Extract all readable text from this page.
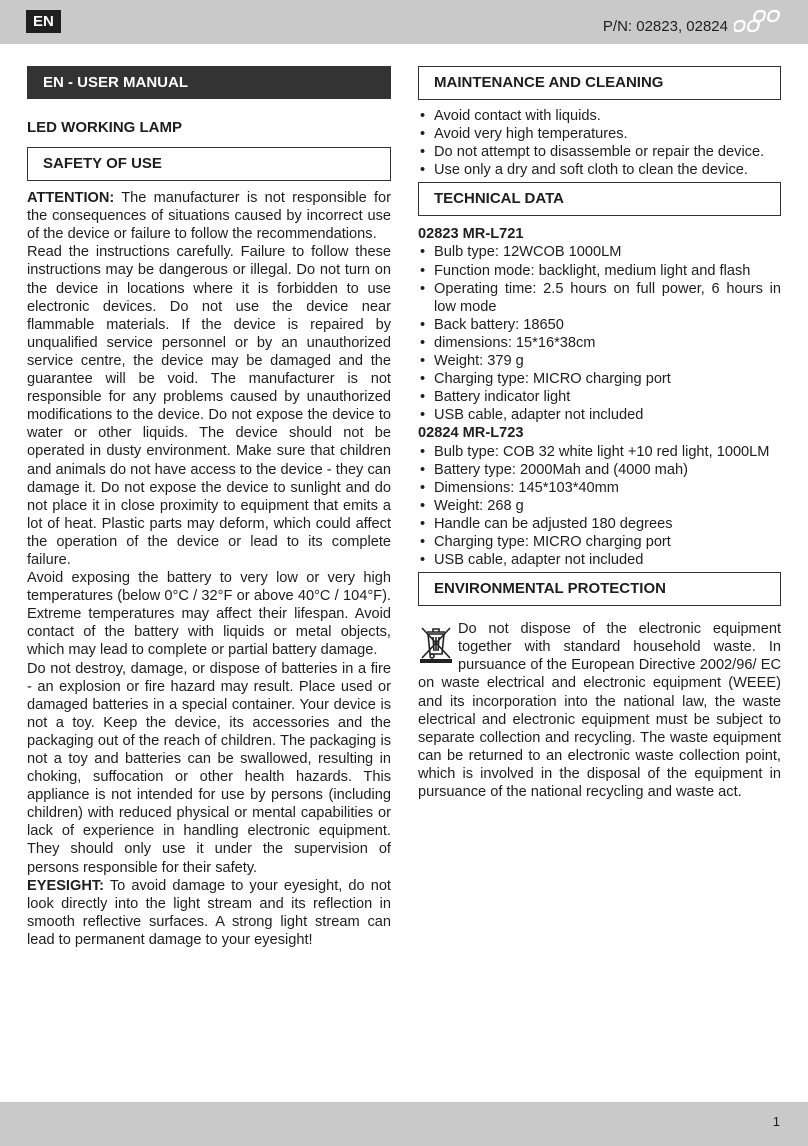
EN	P/N: 02823, 02824
EN - USER MANUAL
LED WORKING LAMP
SAFETY OF USE

ATTENTION: The manufacturer is not responsible for the consequences of situations caused by incorrect use of the device or failure to follow the recommendations.

Read the instructions carefully. Failure to follow these instructions may be dangerous or illegal. Do not turn on the device in locations where it is forbidden to use electronic devices. Do not use the device near flammable materials. If the device is repaired by unqualified service personnel or by an unauthorized service centre, the device may be damaged and the guarantee will be void. The manufacturer is not responsible for any problems caused by unauthorized modifications to the device. Do not expose the device to water or other liquids. The device should not be operated in dusty environment. Make sure that children and animals do not have access to the device - they can damage it. Do not expose the device to sunlight and do not place it in close proximity to equipment that emits a lot of heat. Plastic parts may deform, which could affect the operation of the device or lead to its complete failure.

Avoid exposing the battery to very low or very high temperatures (below 0°C / 32°F or above 40°C / 104°F). Extreme temperatures may affect their lifespan. Avoid contact of the battery with liquids or metal objects, which may lead to complete or partial battery damage.

Do not destroy, damage, or dispose of batteries in a fire - an explosion or fire hazard may result. Place used or damaged batteries in a special container. Your device is not a toy. Keep the device, its accessories and the packaging out of the reach of children. The packaging is not a toy and batteries can be swallowed, resulting in choking, suffocation or other health hazards. This appliance is not intended for use by persons (including children) with reduced physical or mental capabilities or lack of experience in handling electronic equipment. They should only use it under the supervision of persons responsible for their safety.

EYESIGHT: To avoid damage to your eyesight, do not look directly into the light stream and its reflection in smooth reflective surfaces. A strong light stream can lead to permanent damage to your eyesight!

MAINTENANCE AND CLEANING
• Avoid contact with liquids.
• Avoid very high temperatures.
• Do not attempt to disassemble or repair the device.
• Use only a dry and soft cloth to clean the device.
TECHNICAL DATA
02823 MR-L721
• Bulb type: 12WCOB 1000LM
• Function mode: backlight, medium light and flash
• Operating time: 2.5 hours on full power, 6 hours in low mode
• Back battery: 18650
• dimensions: 15*16*38cm
• Weight: 379 g
• Charging type: MICRO charging port
• Battery indicator light
• USB cable, adapter not included
02824 MR-L723
• Bulb type: COB 32 white light +10 red light, 1000LM
• Battery type: 2000Mah and (4000 mah)
• Dimensions: 145*103*40mm
• Weight: 268 g
• Handle can be adjusted 180 degrees
• Charging type: MICRO charging port
• USB cable, adapter not included
ENVIRONMENTAL PROTECTION

Do not dispose of the electronic equipment together with standard household waste. In pursuance of the European Directive 2002/96/ EC on waste electrical and electronic equipment (WEEE) and its incorporation into the national law, the waste electrical and electronic equipment must be subject to separate collection and recycling. The waste equipment can be returned to an electronic waste collection point, which is involved in the disposal of the equipment in pursuance of the national recycling and waste act.

1
